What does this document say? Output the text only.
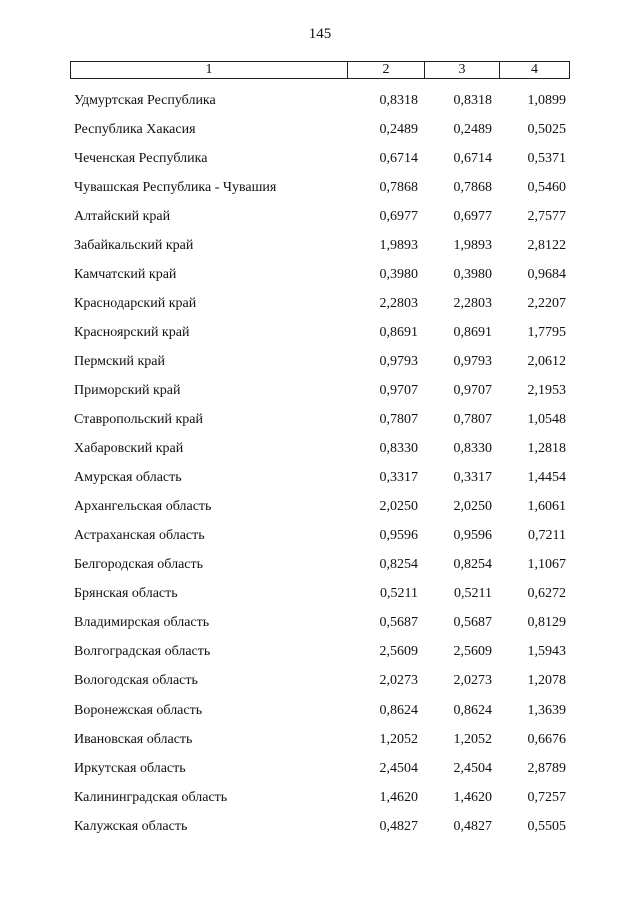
145
1	2	3	4
Удмуртская Республика	0,8318	0,8318	1,0899
Республика Хакасия	0,2489	0,2489	0,5025
Чеченская Республика	0,6714	0,6714	0,5371
Чувашская Республика - Чувашия	0,7868	0,7868	0,5460
Алтайский край	0,6977	0,6977	2,7577
Забайкальский край	1,9893	1,9893	2,8122
Камчатский край	0,3980	0,3980	0,9684
Краснодарский край	2,2803	2,2803	2,2207
Красноярский край	0,8691	0,8691	1,7795
Пермский край	0,9793	0,9793	2,0612
Приморский край	0,9707	0,9707	2,1953
Ставропольский край	0,7807	0,7807	1,0548
Хабаровский край	0,8330	0,8330	1,2818
Амурская область	0,3317	0,3317	1,4454
Архангельская область	2,0250	2,0250	1,6061
Астраханская область	0,9596	0,9596	0,7211
Белгородская область	0,8254	0,8254	1,1067
Брянская область	0,5211	0,5211	0,6272
Владимирская область	0,5687	0,5687	0,8129
Волгоградская область	2,5609	2,5609	1,5943
Вологодская область	2,0273	2,0273	1,2078
Воронежская область	0,8624	0,8624	1,3639
Ивановская область	1,2052	1,2052	0,6676
Иркутская область	2,4504	2,4504	2,8789
Калининградская область	1,4620	1,4620	0,7257
Калужская область	0,4827	0,4827	0,5505
